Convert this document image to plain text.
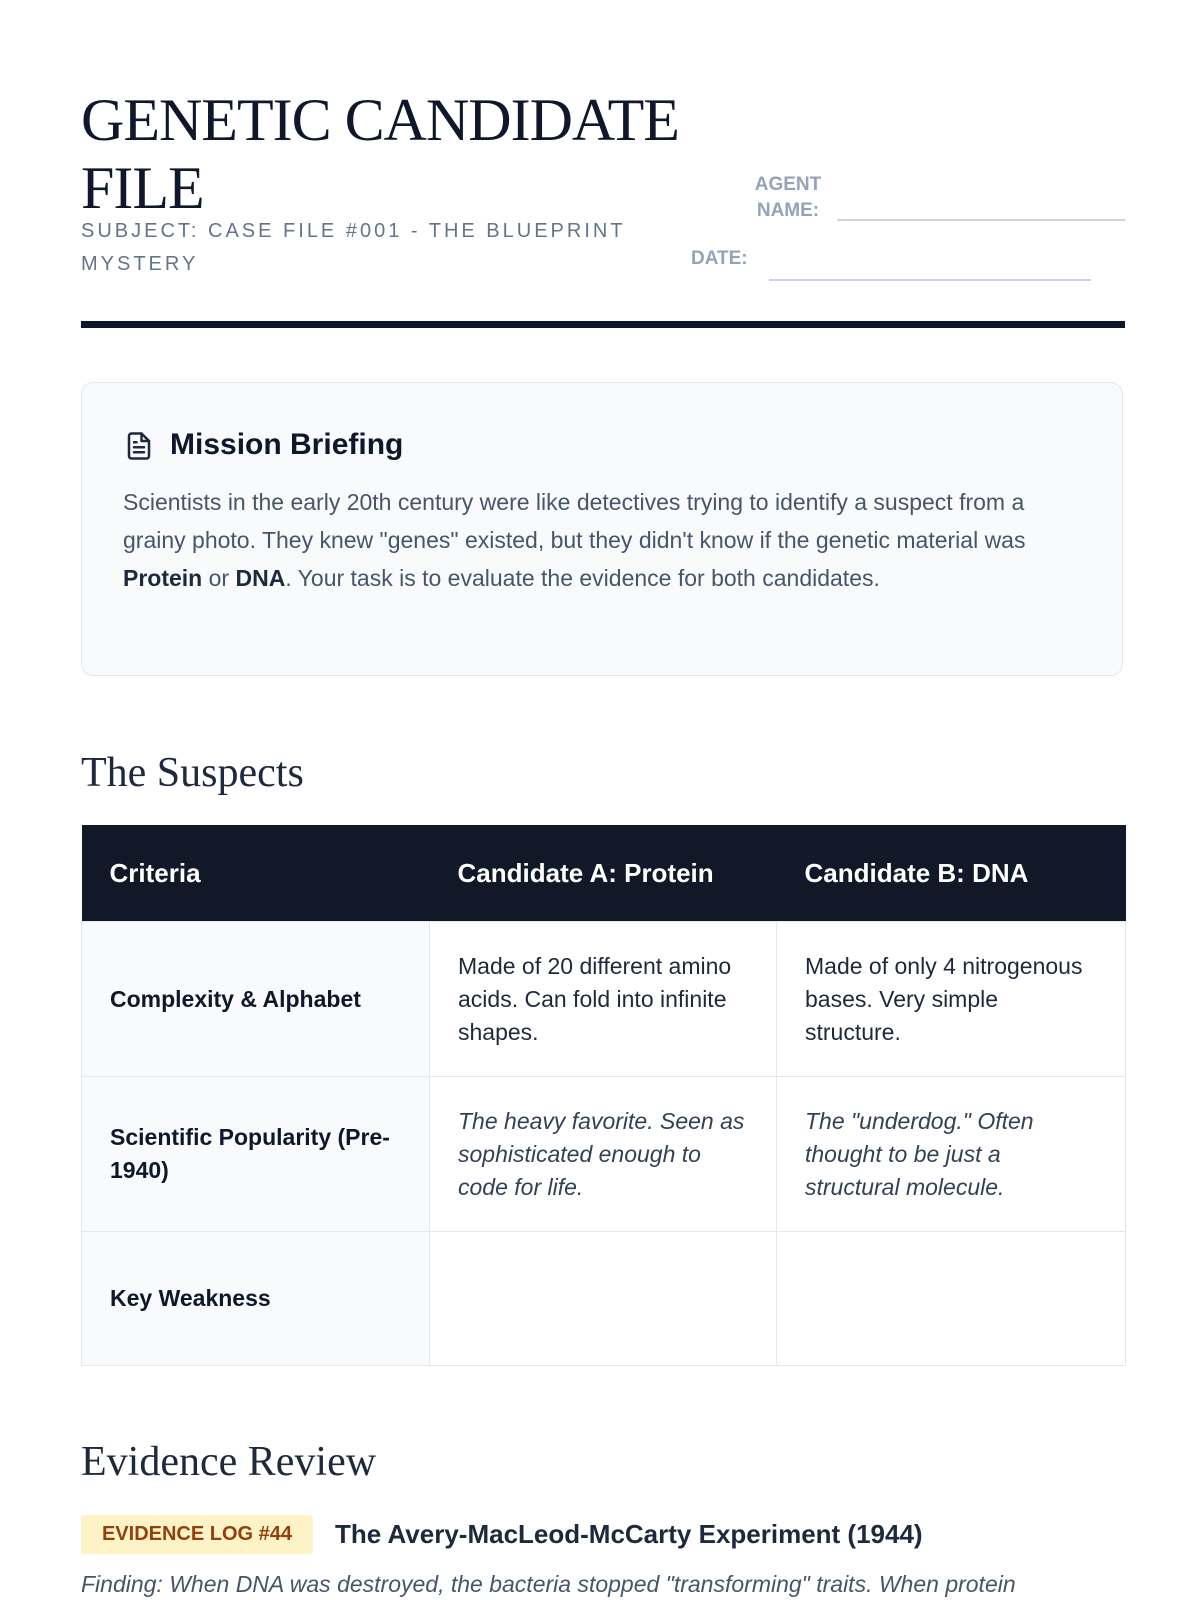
GENETIC CANDIDATE FILE
SUBJECT: CASE FILE #001 - THE BLUEPRINT MYSTERY
AGENT NAME:
DATE:
Mission Briefing

Scientists in the early 20th century were like detectives trying to identify a suspect from a grainy photo. They knew "genes" existed, but they didn't know if the genetic material was Protein or DNA. Your task is to evaluate the evidence for both candidates.

The Suspects
Criteria	Candidate A: Protein	Candidate B: DNA
Complexity & Alphabet	Made of 20 different amino acids. Can fold into infinite shapes.	Made of only 4 nitrogenous bases. Very simple structure.
Scientific Popularity (Pre-1940)	The heavy favorite. Seen as sophisticated enough to code for life.	The "underdog." Often thought to be just a structural molecule.
Key Weakness		
Evidence Review
EVIDENCE LOG #44	The Avery-MacLeod-McCarty Experiment (1944)

Finding: When DNA was destroyed, the bacteria stopped "transforming" traits. When protein
